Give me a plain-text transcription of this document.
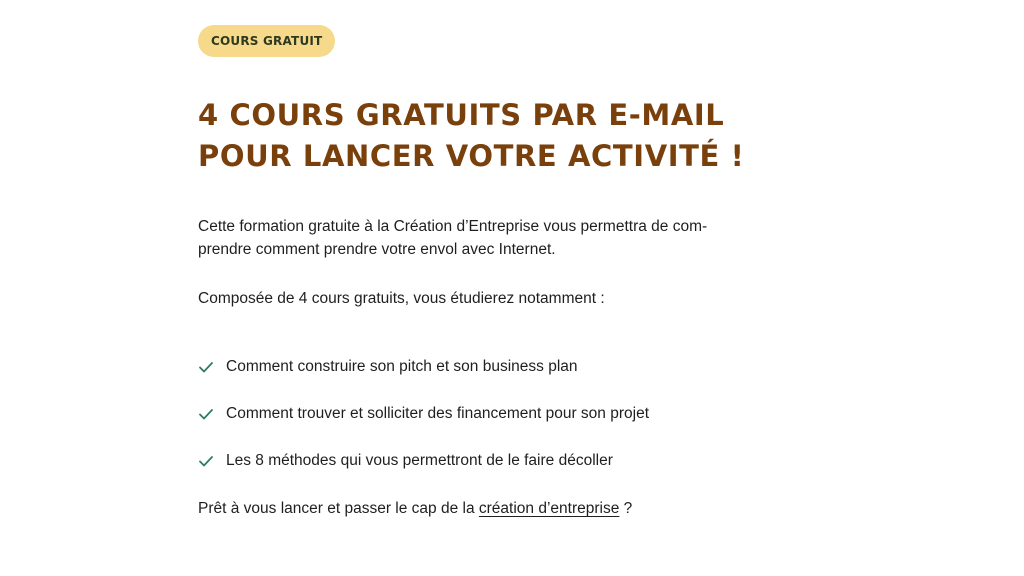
COURS GRATUIT
4 COURS GRATUITS PAR E-MAIL
POUR LANCER VOTRE ACTIVITÉ !

Cette formation gratuite à la Création d’Entreprise vous permettra de com-
prendre comment prendre votre envol avec Internet.

Composée de 4 cours gratuits, vous étudierez notamment :

Comment construire son pitch et son business plan
Comment trouver et solliciter des financement pour son projet
Les 8 méthodes qui vous permettront de le faire décoller

Prêt à vous lancer et passer le cap de la création d’entreprise ?
